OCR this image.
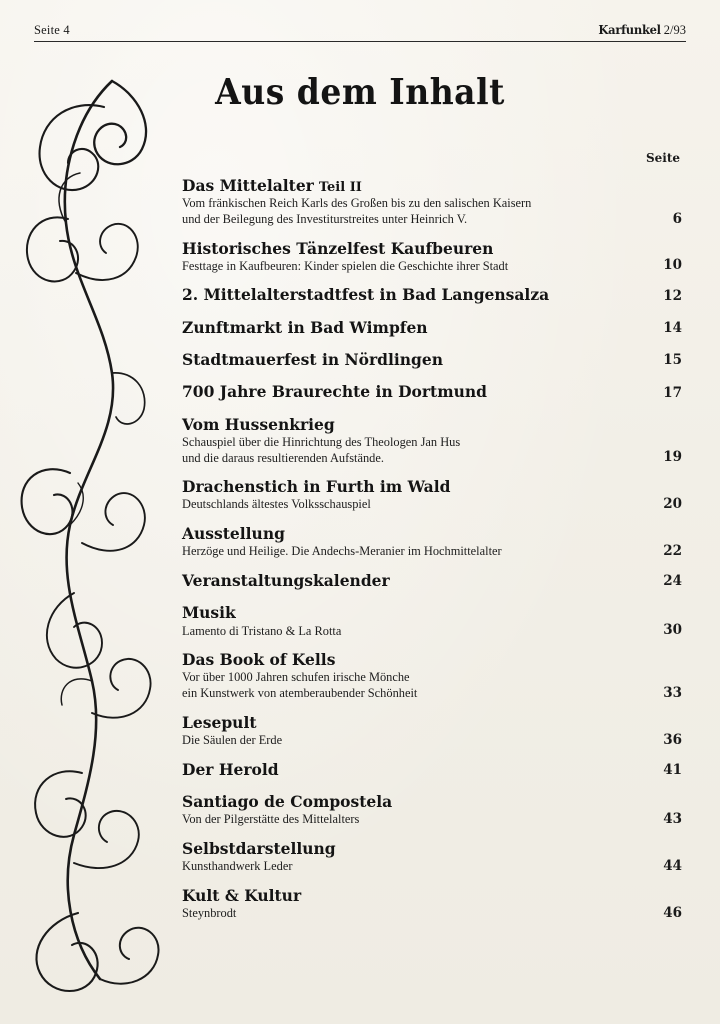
Seite 4	Karfunkel 2/93
Aus dem Inhalt
Seite
Das Mittelalter Teil II
Vom fränkischen Reich Karls des Großen bis zu den salischen Kaisern
und der Beilegung des Investiturstreites unter Heinrich V.	6
Historisches Tänzelfest Kaufbeuren
Festtage in Kaufbeuren: Kinder spielen die Geschichte ihrer Stadt	10
2. Mittelalterstadtfest in Bad Langensalza	12
Zunftmarkt in Bad Wimpfen	14
Stadtmauerfest in Nördlingen	15
700 Jahre Braurechte in Dortmund	17
Vom Hussenkrieg
Schauspiel über die Hinrichtung des Theologen Jan Hus
und die daraus resultierenden Aufstände.	19
Drachenstich in Furth im Wald
Deutschlands ältestes Volksschauspiel	20
Ausstellung
Herzöge und Heilige. Die Andechs-Meranier im Hochmittelalter	22
Veranstaltungskalender	24
Musik
Lamento di Tristano & La Rotta	30
Das Book of Kells
Vor über 1000 Jahren schufen irische Mönche
ein Kunstwerk von atemberaubender Schönheit	33
Lesepult
Die Säulen der Erde	36
Der Herold	41
Santiago de Compostela
Von der Pilgerstätte des Mittelalters	43
Selbstdarstellung
Kunsthandwerk Leder	44
Kult & Kultur
Steynbrodt	46
